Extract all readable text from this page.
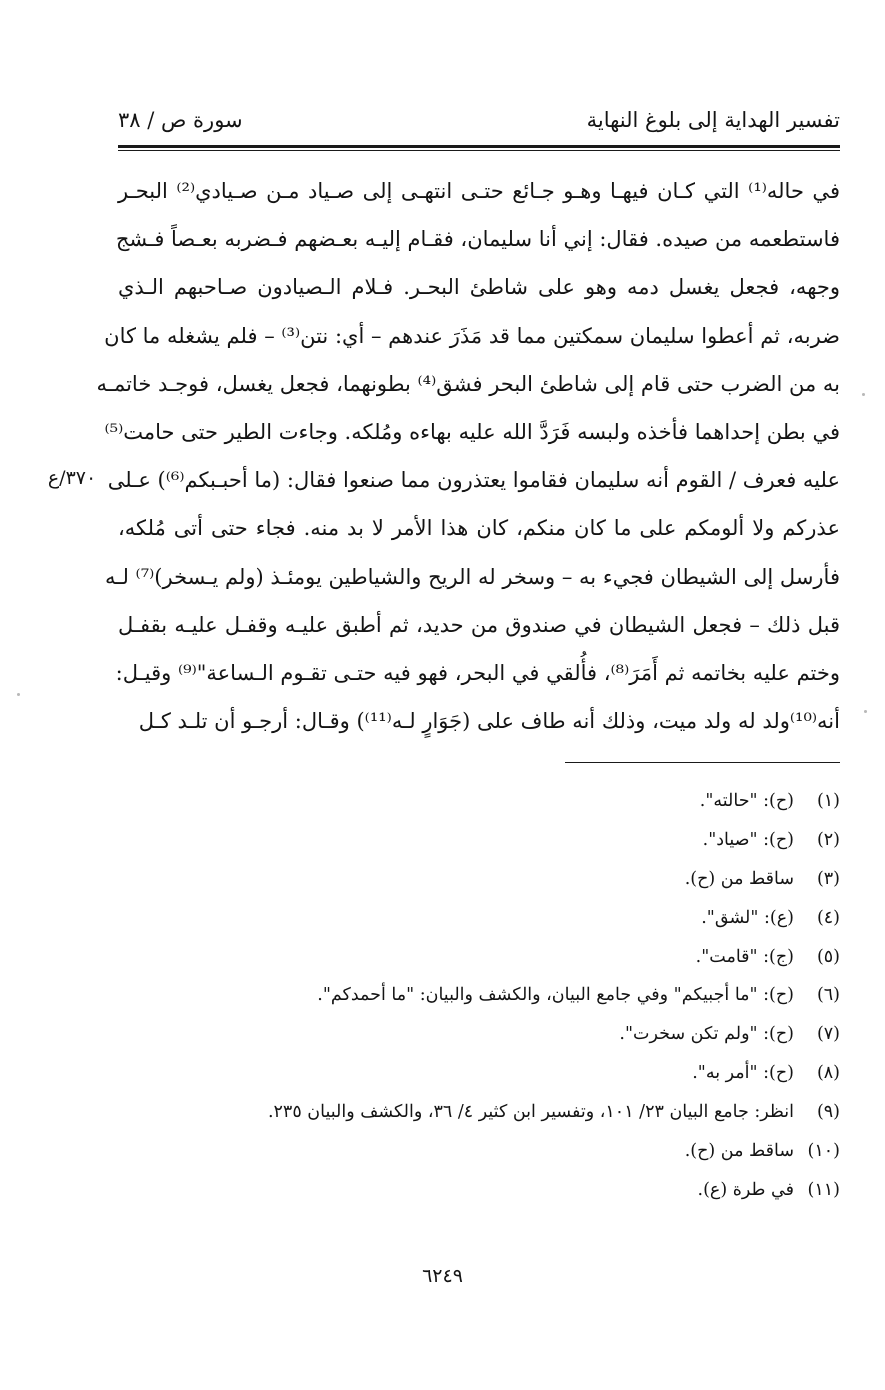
تفسير الهداية إلى بلوغ النهاية
سورة ص / ٣٨
في حاله⁽¹⁾ التي كـان فيهـا وهـو جـائع حتـى انتهـى إلى صـياد مـن صـيادي⁽²⁾ البحـر
فاستطعمه من صيده. فقال: إني أنا سليمان، فقـام إليـه بعـضهم فـضربه بعـصاً فـشج
وجهه، فجعل يغسل دمه وهو على شاطئ البحـر. فـلام الـصيادون صـاحبهم الـذي
ضربه، ثم أعطوا سليمان سمكتين مما قد مَذَرَ عندهم – أي: نتن⁽³⁾ – فلم يشغله ما كان
به من الضرب حتى قام إلى شاطئ البحر فشق⁽⁴⁾ بطونهما، فجعل يغسل، فوجـد خاتمـه
في بطن إحداهما فأخذه ولبسه فَرَدَّ الله عليه بهاءه ومُلكه. وجاءت الطير حتى حامت⁽⁵⁾
عليه فعرف / القوم أنه سليمان فقاموا يعتذرون مما صنعوا فقال: (ما أحبـبكم⁽⁶⁾) عـلى
عذركم ولا ألومكم على ما كان منكم، كان هذا الأمر لا بد منه. فجاء حتى أتى مُلكه،
فأرسل إلى الشيطان فجيء به – وسخر له الريح والشياطين يومئـذ (ولم يـسخر)⁽⁷⁾ لـه
قبل ذلك – فجعل الشيطان في صندوق من حديد، ثم أطبق عليـه وقفـل عليـه بقفـل
وختم عليه بخاتمه ثم أَمَرَ⁽⁸⁾، فأُلقي في البحر، فهو فيه حتـى تقـوم الـساعة"⁽⁹⁾ وقيـل:
أنه⁽¹⁰⁾ولد له ولد ميت، وذلك أنه طاف على (جَوَارٍ لـه⁽¹¹⁾) وقـال: أرجـو أن تلـد كـل
٣٧٠/ع
(١)
(ح): "حالته".
(٢)
(ح): "صياد".
(٣)
ساقط من (ح).
(٤)
(ع): "لشق".
(٥)
(ج): "قامت".
(٦)
(ح): "ما أجبيكم" وفي جامع البيان، والكشف والبيان: "ما أحمدكم".
(٧)
(ح): "ولم تكن سخرت".
(٨)
(ح): "أمر به".
(٩)
انظر: جامع البيان ٢٣/ ١٠١، وتفسير ابن كثير ٤/ ٣٦، والكشف والبيان ٢٣٥.
(١٠)
ساقط من (ح).
(١١)
في طرة (ع).
٦٢٤٩
